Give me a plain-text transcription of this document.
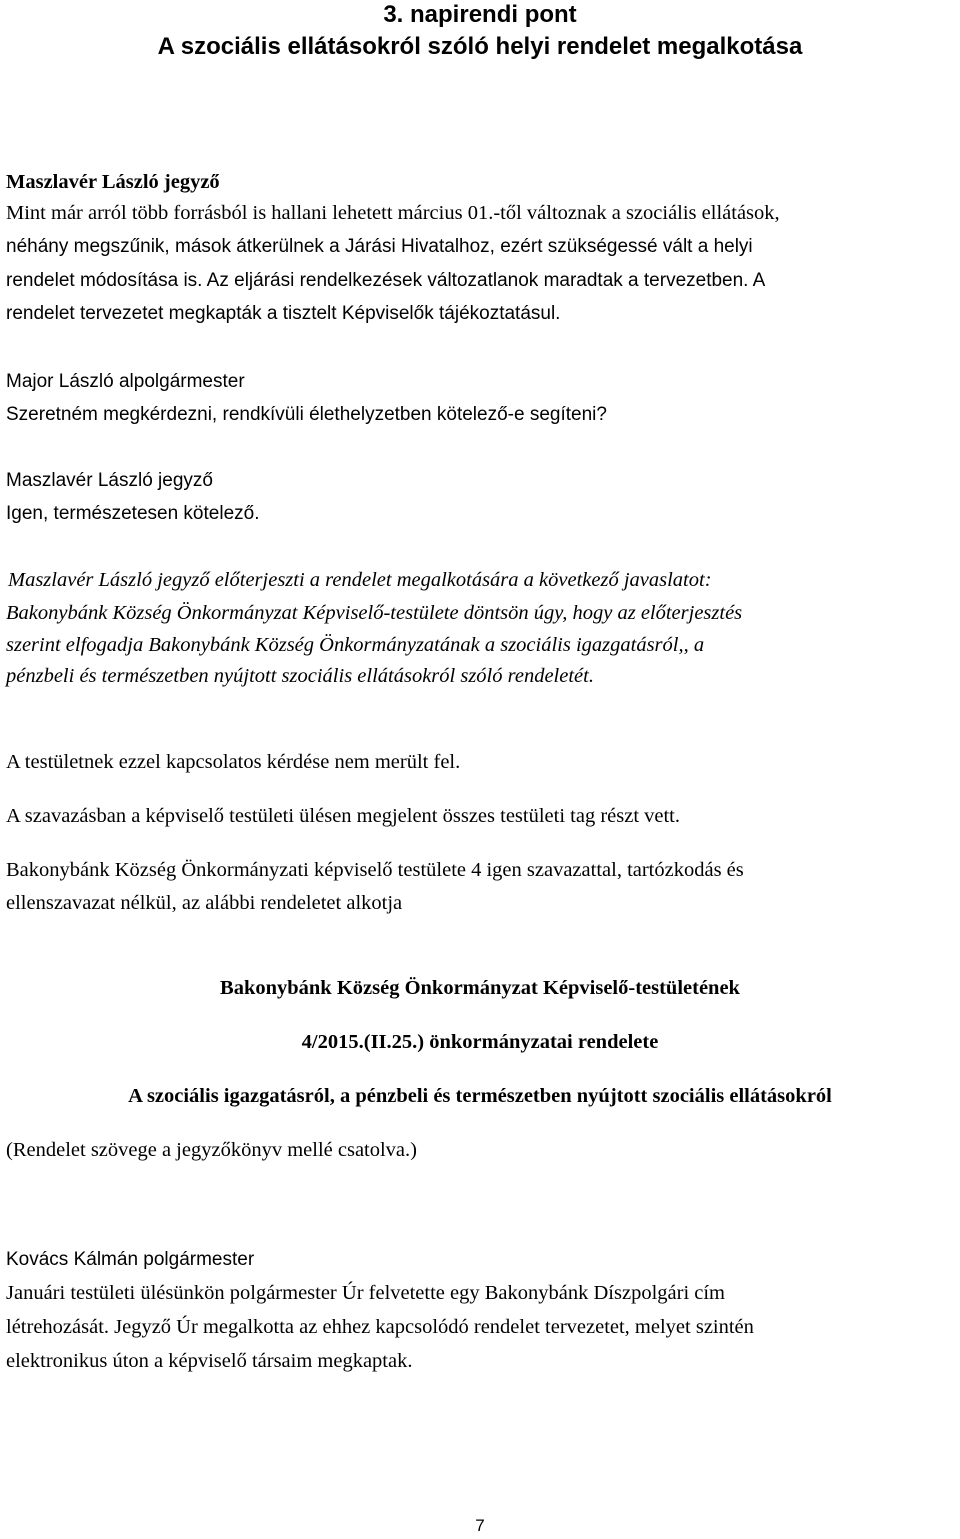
3. napirendi pont
A szociális ellátásokról szóló helyi rendelet megalkotása
Maszlavér László jegyző
Mint már arról több forrásból is hallani lehetett március 01.-től változnak a szociális ellátások,
néhány megszűnik, mások átkerülnek a Járási Hivatalhoz, ezért szükségessé vált a helyi
rendelet módosítása is. Az eljárási rendelkezések változatlanok maradtak a tervezetben. A
rendelet tervezetet megkapták a tisztelt Képviselők tájékoztatásul.
Major László alpolgármester
Szeretném megkérdezni, rendkívüli élethelyzetben kötelező-e segíteni?
Maszlavér László jegyző
Igen, természetesen kötelező.
Maszlavér László jegyző előterjeszti a rendelet megalkotására a következő javaslatot:
Bakonybánk Község Önkormányzat Képviselő-testülete döntsön úgy, hogy az előterjesztés
szerint elfogadja Bakonybánk Község Önkormányzatának a szociális igazgatásról,, a
pénzbeli és természetben nyújtott szociális ellátásokról szóló rendeletét.
A testületnek ezzel kapcsolatos kérdése nem merült fel.
A szavazásban a képviselő testületi ülésen megjelent összes testületi tag részt vett.
Bakonybánk Község Önkormányzati képviselő testülete 4 igen szavazattal, tartózkodás és
ellenszavazat nélkül, az alábbi rendeletet alkotja
Bakonybánk Község Önkormányzat Képviselő-testületének
4/2015.(II.25.) önkormányzatai rendelete
A szociális igazgatásról, a pénzbeli és természetben nyújtott szociális ellátásokról
(Rendelet szövege a jegyzőkönyv mellé csatolva.)
Kovács Kálmán polgármester
Januári testületi ülésünkön polgármester Úr felvetette egy Bakonybánk Díszpolgári cím
létrehozását. Jegyző Úr megalkotta az ehhez kapcsolódó rendelet tervezetet, melyet szintén
elektronikus úton a képviselő társaim megkaptak.
7
